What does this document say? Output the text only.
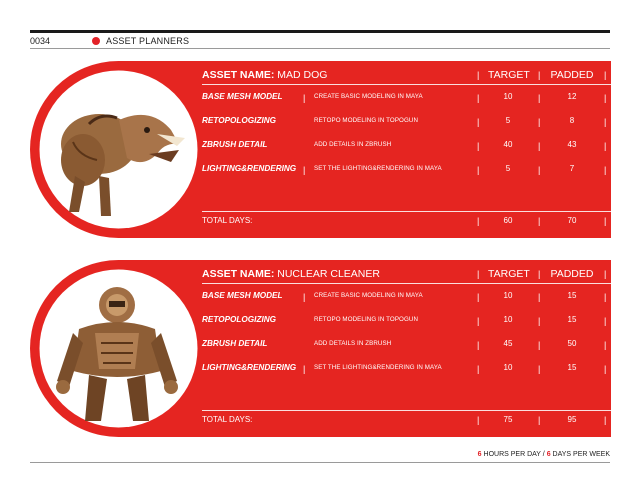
0034	ASSET PLANNERS
ASSET NAME: MAD DOG	| TARGET | PADDED	|
BASE MESH MODEL | CREATE BASIC MODELING IN MAYA	|	10	|	12	|
RETOPOLOGIZING	RETOPO MODELING IN TOPOGUN	|	5	|	8	|
ZBRUSH DETAIL	ADD DETAILS IN ZBRUSH	|	40	|	43	|
LIGHTING&RENDERING | SET THE LIGHTING&RENDERING IN MAYA	|	5	|	7	|
TOTAL DAYS:	|	60	|	70	|
ASSET NAME: NUCLEAR CLEANER	| TARGET | PADDED	|
BASE MESH MODEL | CREATE BASIC MODELING IN MAYA	|	10	|	15	|
RETOPOLOGIZING	RETOPO MODELING IN TOPOGUN	|	10	|	15	|
ZBRUSH DETAIL	ADD DETAILS IN ZBRUSH	|	45	|	50	|
LIGHTING&RENDERING | SET THE LIGHTING&RENDERING IN MAYA	|	10	|	15	|
TOTAL DAYS:	|	75	|	95	|
6 HOURS PER DAY / 6 DAYS PER WEEK
